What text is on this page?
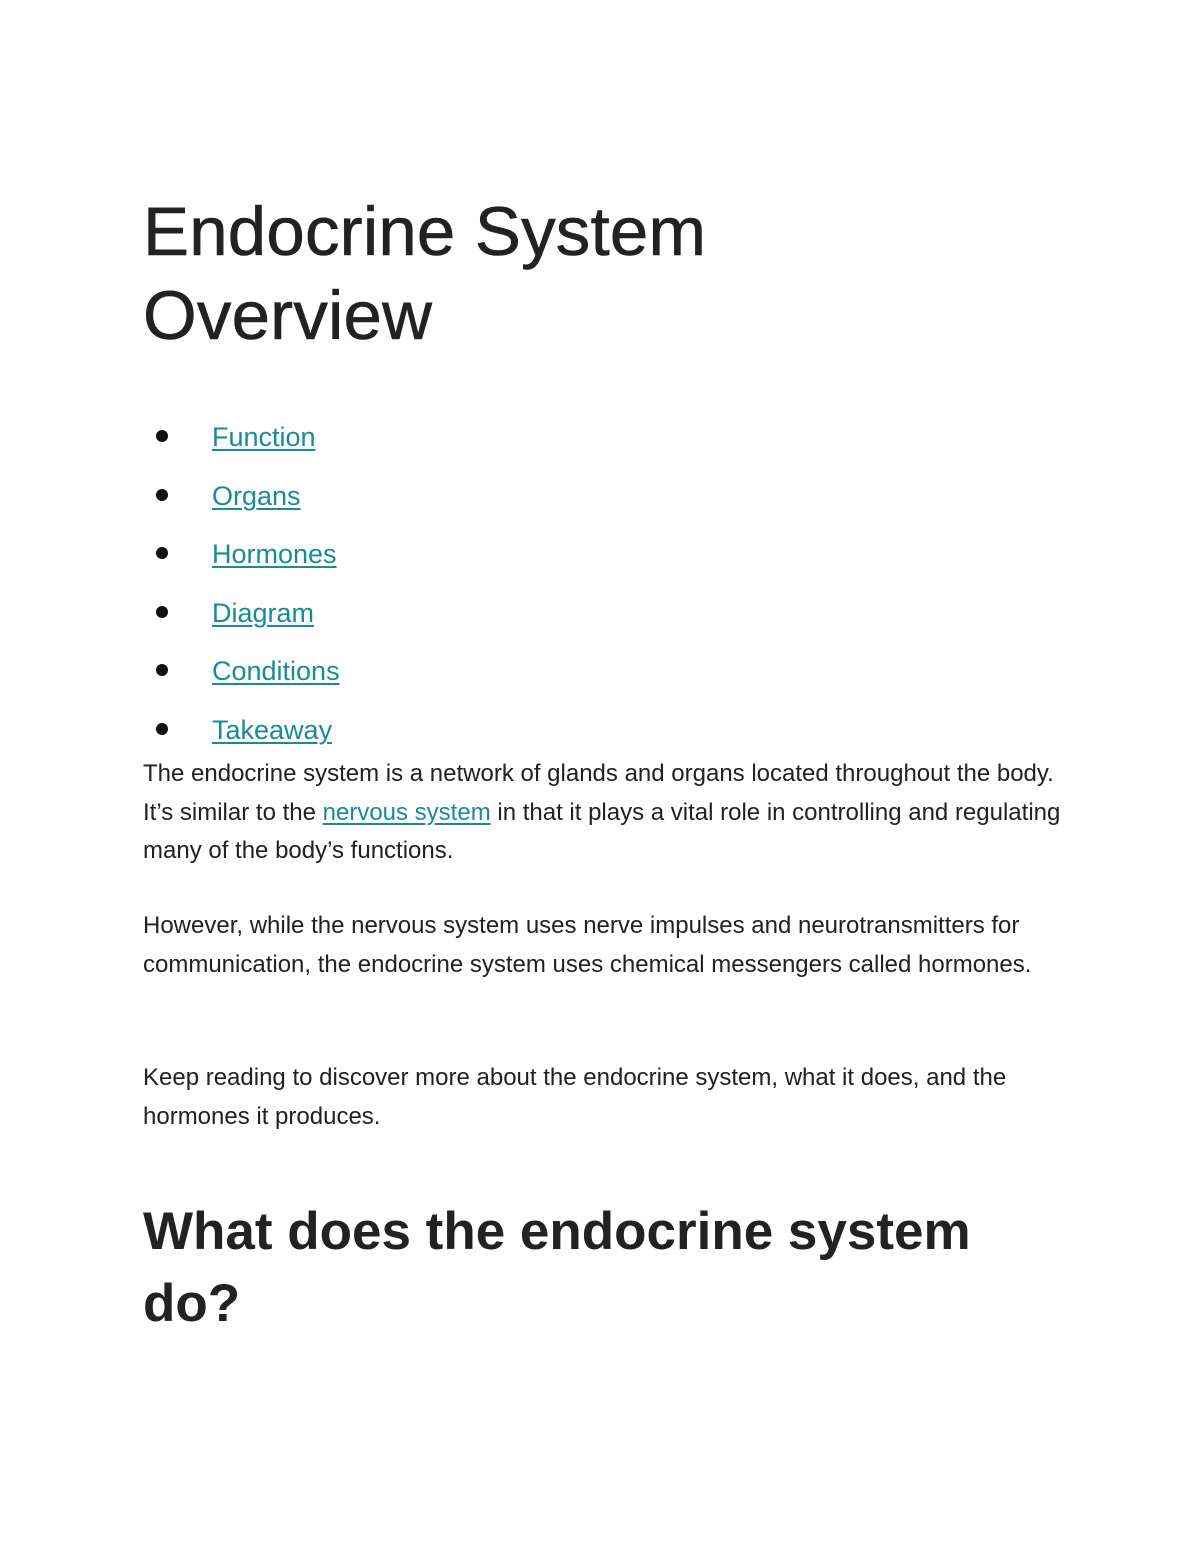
Endocrine System
Overview
Function
Organs
Hormones
Diagram
Conditions
Takeaway

The endocrine system is a network of glands and organs located throughout the body. It’s similar to the nervous system in that it plays a vital role in controlling and regulating many of the body’s functions.

However, while the nervous system uses nerve impulses and neurotransmitters for communication, the endocrine system uses chemical messengers called hormones.

Keep reading to discover more about the endocrine system, what it does, and the hormones it produces.

What does the endocrine system do?
